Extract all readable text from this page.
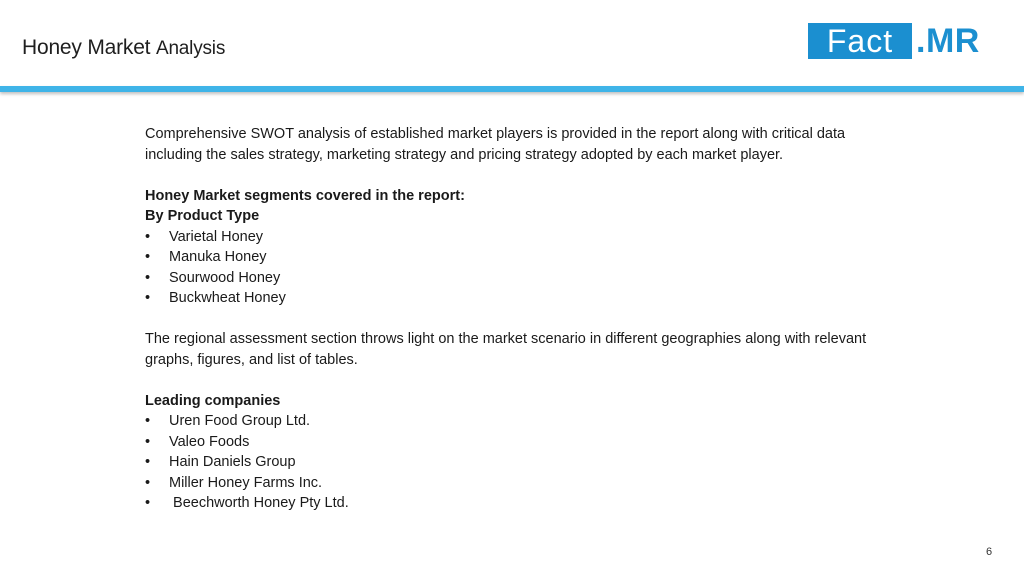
Honey Market Analysis	Fact .MR

Comprehensive SWOT analysis of established market players is provided in the report along with critical data including the sales strategy, marketing strategy and pricing strategy adopted by each market player.

Honey Market segments covered in the report:

By Product Type

• Varietal Honey
• Manuka Honey
• Sourwood Honey
• Buckwheat Honey

The regional assessment section throws light on the market scenario in different geographies along with relevant graphs, figures, and list of tables.

Leading companies

• Uren Food Group Ltd.
• Valeo Foods
• Hain Daniels Group
• Miller Honey Farms Inc.
• Beechworth Honey Pty Ltd.
6
